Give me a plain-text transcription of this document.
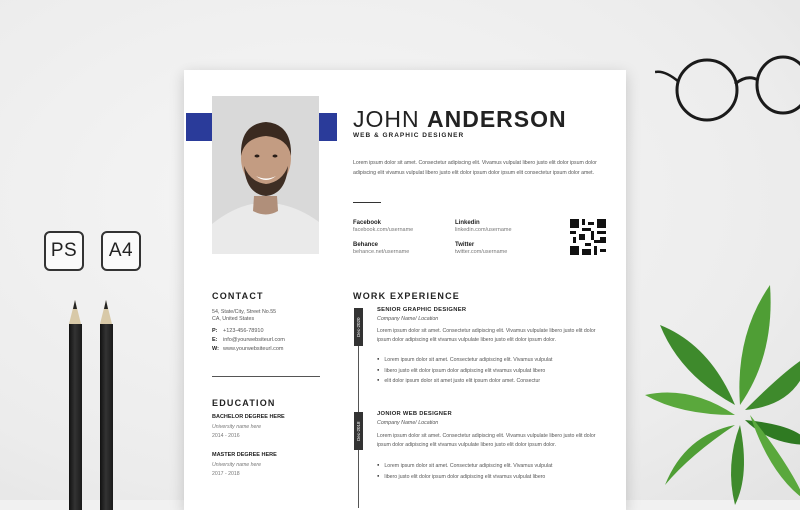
PS	A4
JOHN ANDERSON
WEB & GRAPHIC DESIGNER
Lorem ipsum dolor sit amet. Consectetur adipiscing elit. Vivamus vulpulat libero justo elit dolor ipsum dolor adipiscing elit vivamus vulpulat libero justo elit dolor ipsum dolor ipsum elit consectetur ipsum dolor amet.
Facebook
facebook.com/username
Linkedin
linkedin.com/username
Behance
behance.net/username
Twitter
twitter.com/username
CONTACT
54, State/City, Street No.55
CA, United States
P: +123-456-78910
E: info@yourwebsiteurl.com
W: www.yourwebsiteurl.com
EDUCATION
BACHELOR DEGREE HERE
University name here
2014 - 2016
MASTER DEGREE HERE
University name here
2017 - 2018
WORK EXPERIENCE
Dec-2020
SENIOR GRAPHIC DESIGNER
Company Name/ Location
Lorem ipsum dolor sit amet. Consectetur adipiscing elit. Vivamus vulpulate libero justo elit dolor ipsum dolor adipiscing elit vivamus vulpulate libero justo elit dolor ipsum dolor.
● Lorem ipsum dolor sit amet. Consectetur adipiscing elit. Vivamus vulpulat
● libero justo elit dolor ipsum dolor adipiscing elit vivamus vulpulat libero
● elit dolor ipsum dolor sit amet justo elit ipsum dolor amet. Consectur
Dec-2018
JONIOR WEB DESIGNER
Company Name/ Location
Lorem ipsum dolor sit amet. Consectetur adipiscing elit. Vivamus vulpulate libero justo elit dolor ipsum dolor adipiscing elit vivamus vulpulate libero justo elit dolor ipsum dolor.
● Lorem ipsum dolor sit amet. Consectetur adipiscing elit. Vivamus vulpulat
● libero justo elit dolor ipsum dolor adipiscing elit vivamus vulpulat libero
